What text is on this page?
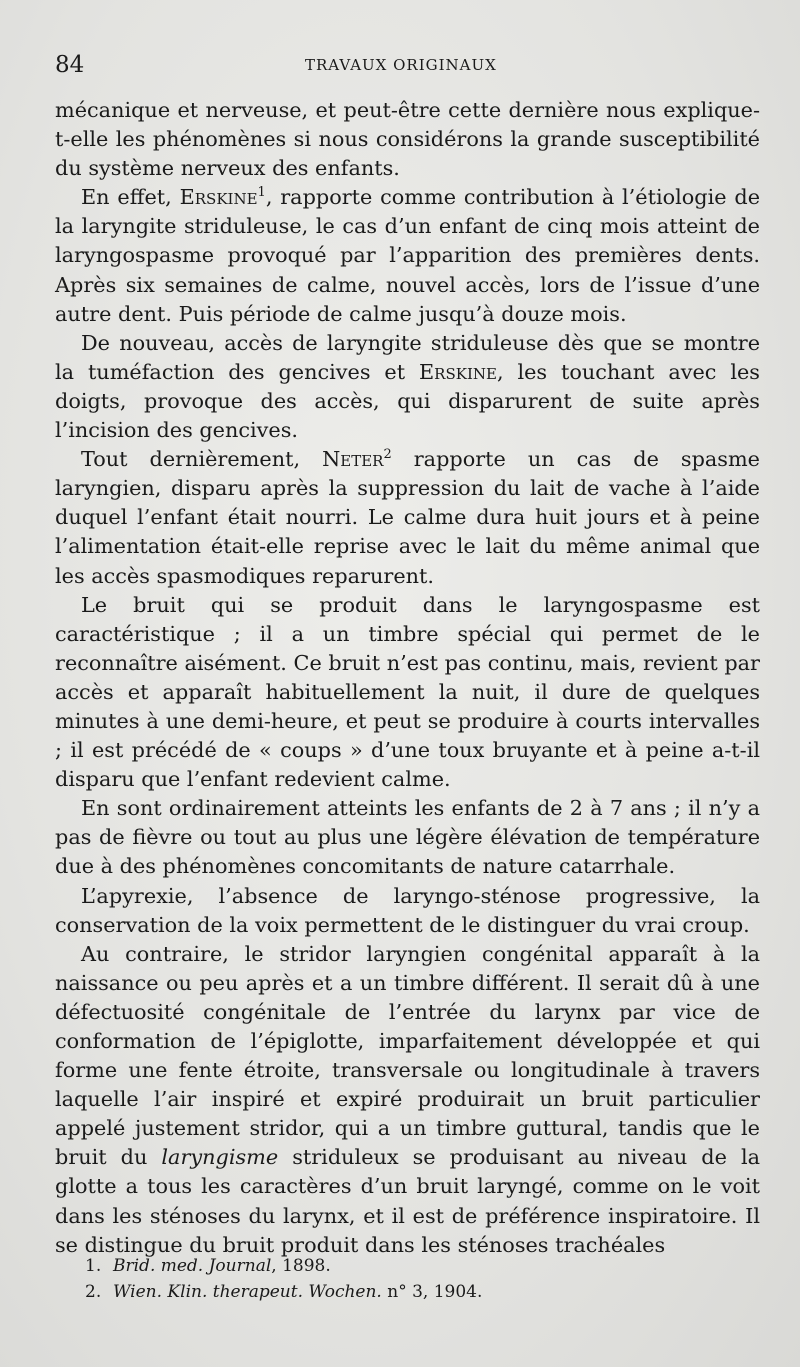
84	TRAVAUX ORIGINAUX

mécanique et nerveuse, et peut-être cette dernière nous explique-t-elle les phénomènes si nous considérons la grande susceptibilité du système nerveux des enfants.

En effet, Erskine$^1$, rapporte comme contribution à l’étiologie de la laryngite striduleuse, le cas d’un enfant de cinq mois atteint de laryngospasme provoqué par l’apparition des premières dents. Après six semaines de calme, nouvel accès, lors de l’issue d’une autre dent. Puis période de calme jusqu’à douze mois.

De nouveau, accès de laryngite striduleuse dès que se montre la tuméfaction des gencives et Erskine, les touchant avec les doigts, provoque des accès, qui disparurent de suite après l’incision des gencives.

Tout dernièrement, Neter$^2$ rapporte un cas de spasme laryngien, disparu après la suppression du lait de vache à l’aide duquel l’enfant était nourri. Le calme dura huit jours et à peine l’alimentation était-elle reprise avec le lait du même animal que les accès spasmodiques reparurent.

Le bruit qui se produit dans le laryngospasme est caractéristique ; il a un timbre spécial qui permet de le reconnaître aisément. Ce bruit n’est pas continu, mais, revient par accès et apparaît habituellement la nuit, il dure de quelques minutes à une demi-heure, et peut se produire à courts intervalles ; il est précédé de « coups » d’une toux bruyante et à peine a-t-il disparu que l’enfant redevient calme.

En sont ordinairement atteints les enfants de 2 à 7 ans ; il n’y a pas de fièvre ou tout au plus une légère élévation de température due à des phénomènes concomitants de nature catarrhale.

L’apyrexie, l’absence de laryngo-sténose progressive, la conservation de la voix permettent de le distinguer du vrai croup.

Au contraire, le stridor laryngien congénital apparaît à la naissance ou peu après et a un timbre différent. Il serait dû à une défectuosité congénitale de l’entrée du larynx par vice de conformation de l’épiglotte, imparfaitement développée et qui forme une fente étroite, transversale ou longitudinale à travers laquelle l’air inspiré et expiré produirait un bruit particulier appelé justement stridor, qui a un timbre guttural, tandis que le bruit du laryngisme striduleux se produisant au niveau de la glotte a tous les caractères d’un bruit laryngé, comme on le voit dans les sténoses du larynx, et il est de préférence inspiratoire. Il se distingue du bruit produit dans les sténoses trachéales

1. Brid. med. Journal, 1898.

2. Wien. Klin. therapeut. Wochen. n° 3, 1904.
